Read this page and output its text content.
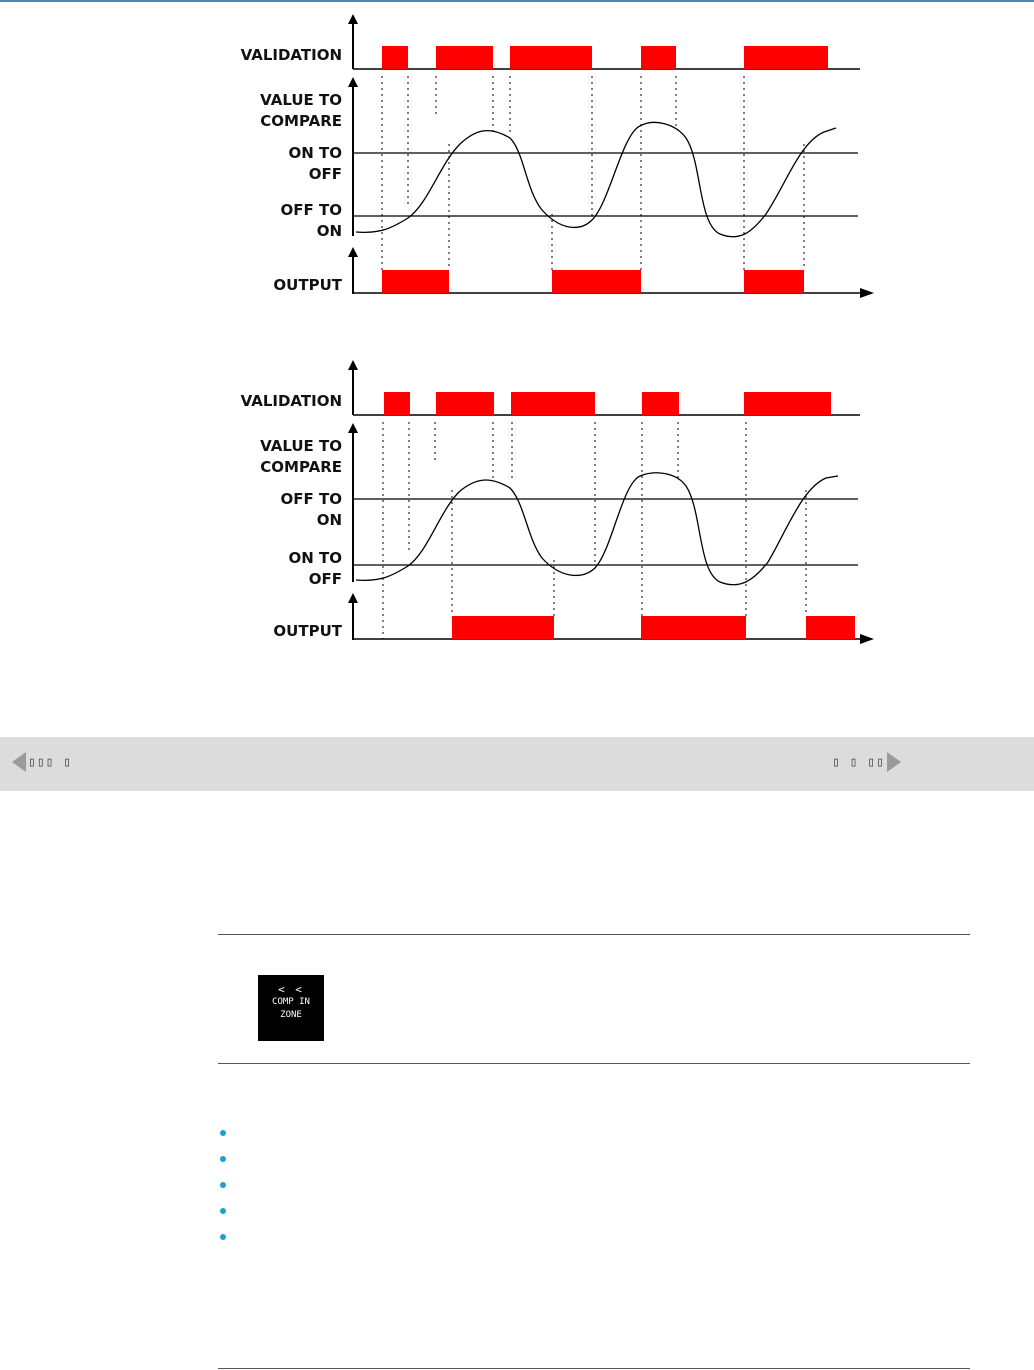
VALIDATION
VALUE TO
COMPARE
ON TO
OFF
OFF TO
ON
OUTPUT
VALIDATION
VALUE TO
COMPARE
OFF TO
ON
ON TO
OFF
OUTPUT
▯▯▯ ▯	▯ ▯ ▯▯
< <
COMP IN
ZONE
